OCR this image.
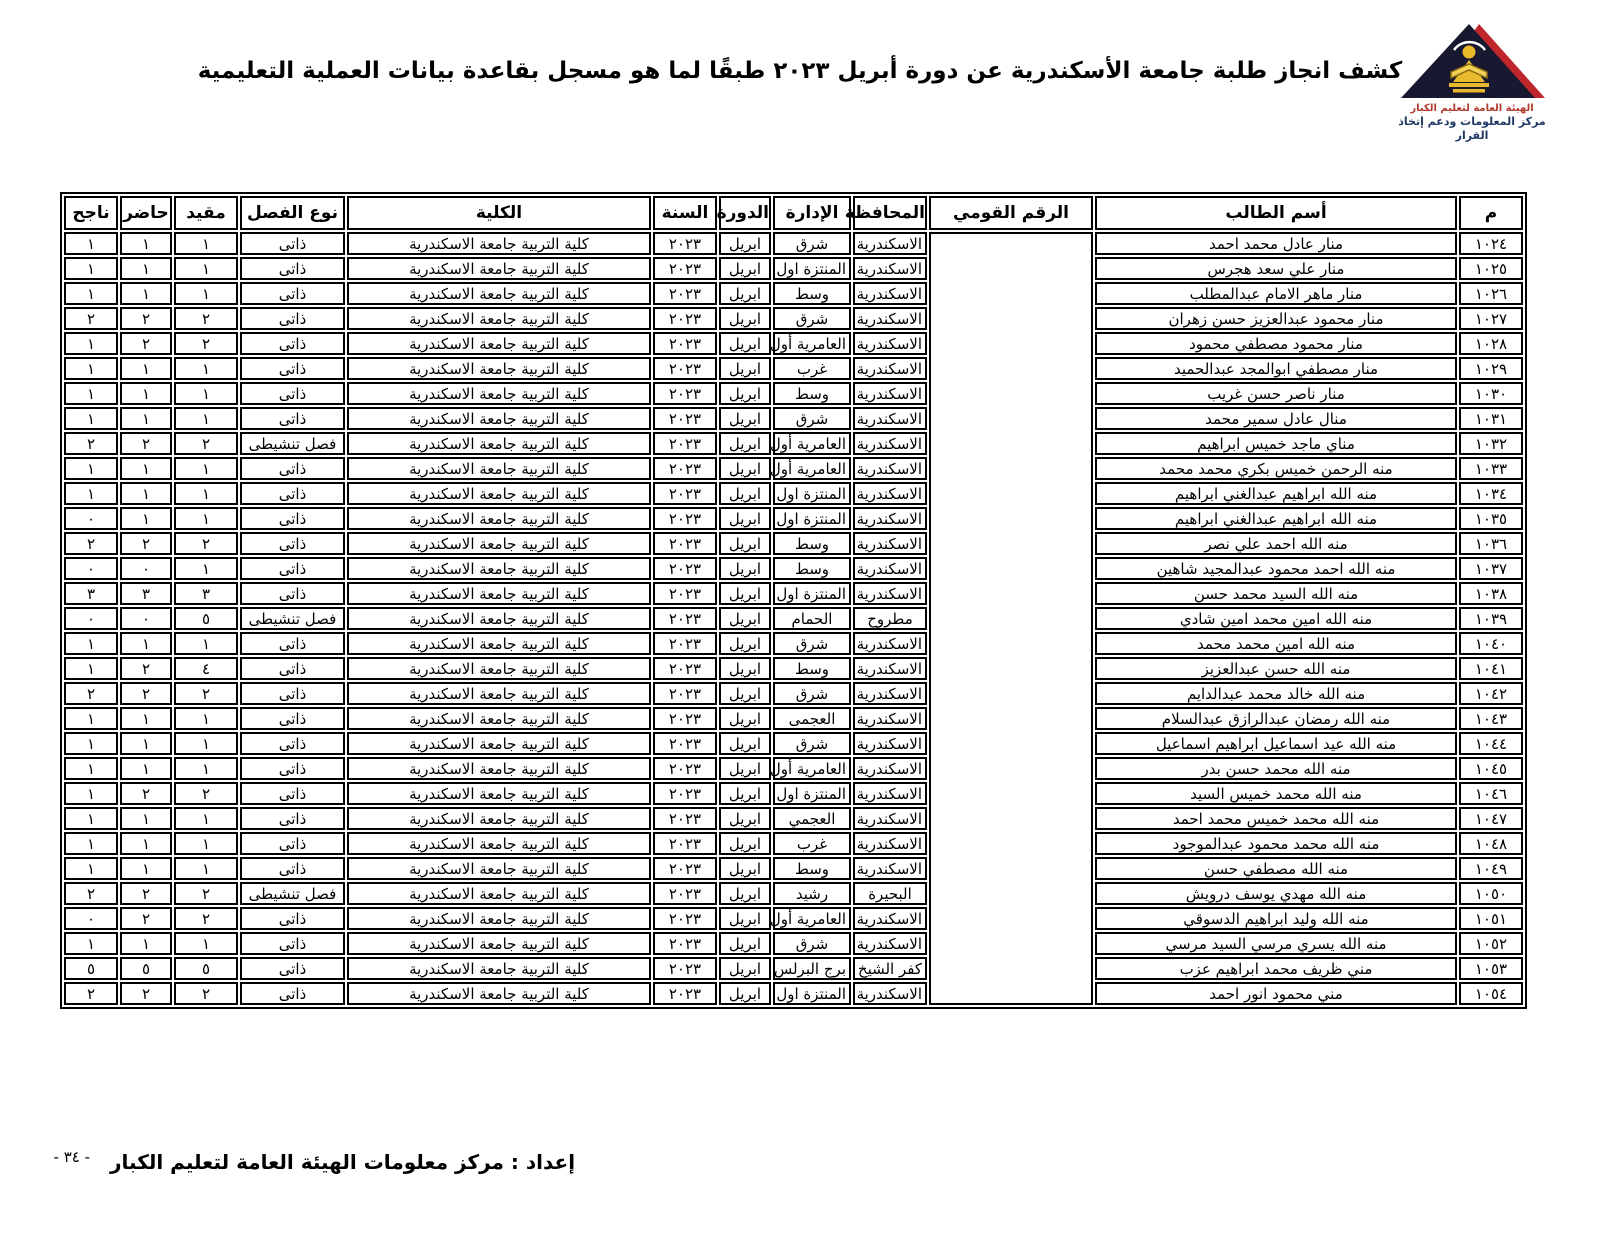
كشف انجاز طلبة جامعة الأسكندرية عن دورة أبريل ٢٠٢٣ طبقًا لما هو مسجل بقاعدة بيانات العملية التعليمية
الهيئة العامة لتعليم الكبار
مركز المعلومات ودعم إتخاذ القرار
م	أسم الطالب	الرقم القومي	المحافظة	الإدارة	الدورة	السنة	الكلية	نوع الفصل	مقيد	حاضر	ناجح
١٠٢٤	منار عادل محمد احمد		الاسكندرية	شرق	ابريل	٢٠٢٣	كلية التربية جامعة الاسكندرية	ذاتى	١	١	١
١٠٢٥	منار علي سعد هجرس		الاسكندرية	المنتزة اول	ابريل	٢٠٢٣	كلية التربية جامعة الاسكندرية	ذاتى	١	١	١
١٠٢٦	منار ماهر الامام عبدالمطلب		الاسكندرية	وسط	ابريل	٢٠٢٣	كلية التربية جامعة الاسكندرية	ذاتى	١	١	١
١٠٢٧	منار محمود عبدالعزيز حسن زهران		الاسكندرية	شرق	ابريل	٢٠٢٣	كلية التربية جامعة الاسكندرية	ذاتى	٢	٢	٢
١٠٢٨	منار محمود مصطفي محمود		الاسكندرية	العامرية أول	ابريل	٢٠٢٣	كلية التربية جامعة الاسكندرية	ذاتى	٢	٢	١
١٠٢٩	منار مصطفي ابوالمجد عبدالحميد		الاسكندرية	غرب	ابريل	٢٠٢٣	كلية التربية جامعة الاسكندرية	ذاتى	١	١	١
١٠٣٠	منار ناصر حسن غريب		الاسكندرية	وسط	ابريل	٢٠٢٣	كلية التربية جامعة الاسكندرية	ذاتى	١	١	١
١٠٣١	منال عادل سمير محمد		الاسكندرية	شرق	ابريل	٢٠٢٣	كلية التربية جامعة الاسكندرية	ذاتى	١	١	١
١٠٣٢	مناي ماجد خميس ابراهيم		الاسكندرية	العامرية أول	ابريل	٢٠٢٣	كلية التربية جامعة الاسكندرية	فصل تنشيطى	٢	٢	٢
١٠٣٣	منه الرحمن خميس بكري محمد محمد		الاسكندرية	العامرية أول	ابريل	٢٠٢٣	كلية التربية جامعة الاسكندرية	ذاتى	١	١	١
١٠٣٤	منه الله ابراهيم عبدالغني ابراهيم		الاسكندرية	المنتزة اول	ابريل	٢٠٢٣	كلية التربية جامعة الاسكندرية	ذاتى	١	١	١
١٠٣٥	منه الله ابراهيم عبدالغني ابراهيم		الاسكندرية	المنتزة اول	ابريل	٢٠٢٣	كلية التربية جامعة الاسكندرية	ذاتى	١	١	٠
١٠٣٦	منه الله احمد علي نصر		الاسكندرية	وسط	ابريل	٢٠٢٣	كلية التربية جامعة الاسكندرية	ذاتى	٢	٢	٢
١٠٣٧	منه الله احمد محمود عبدالمجيد شاهين		الاسكندرية	وسط	ابريل	٢٠٢٣	كلية التربية جامعة الاسكندرية	ذاتى	١	٠	٠
١٠٣٨	منه الله السيد محمد حسن		الاسكندرية	المنتزة اول	ابريل	٢٠٢٣	كلية التربية جامعة الاسكندرية	ذاتى	٣	٣	٣
١٠٣٩	منه الله امين محمد امين شادي		مطروح	الحمام	ابريل	٢٠٢٣	كلية التربية جامعة الاسكندرية	فصل تنشيطى	٥	٠	٠
١٠٤٠	منه الله امين محمد محمد		الاسكندرية	شرق	ابريل	٢٠٢٣	كلية التربية جامعة الاسكندرية	ذاتى	١	١	١
١٠٤١	منه الله حسن عبدالعزيز		الاسكندرية	وسط	ابريل	٢٠٢٣	كلية التربية جامعة الاسكندرية	ذاتى	٤	٢	١
١٠٤٢	منه الله خالد محمد عبدالدايم		الاسكندرية	شرق	ابريل	٢٠٢٣	كلية التربية جامعة الاسكندرية	ذاتى	٢	٢	٢
١٠٤٣	منه الله رمضان عبدالرازق عبدالسلام		الاسكندرية	العجمى	ابريل	٢٠٢٣	كلية التربية جامعة الاسكندرية	ذاتى	١	١	١
١٠٤٤	منه الله عيد اسماعيل ابراهيم اسماعيل		الاسكندرية	شرق	ابريل	٢٠٢٣	كلية التربية جامعة الاسكندرية	ذاتى	١	١	١
١٠٤٥	منه الله محمد حسن بدر		الاسكندرية	العامرية أول	ابريل	٢٠٢٣	كلية التربية جامعة الاسكندرية	ذاتى	١	١	١
١٠٤٦	منه الله محمد خميس السيد		الاسكندرية	المنتزة اول	ابريل	٢٠٢٣	كلية التربية جامعة الاسكندرية	ذاتى	٢	٢	١
١٠٤٧	منه الله محمد خميس محمد احمد		الاسكندرية	العجمي	ابريل	٢٠٢٣	كلية التربية جامعة الاسكندرية	ذاتى	١	١	١
١٠٤٨	منه الله محمد محمود عبدالموجود		الاسكندرية	غرب	ابريل	٢٠٢٣	كلية التربية جامعة الاسكندرية	ذاتى	١	١	١
١٠٤٩	منه الله مصطفي حسن		الاسكندرية	وسط	ابريل	٢٠٢٣	كلية التربية جامعة الاسكندرية	ذاتى	١	١	١
١٠٥٠	منه الله مهدي يوسف درويش		البحيرة	رشيد	ابريل	٢٠٢٣	كلية التربية جامعة الاسكندرية	فصل تنشيطى	٢	٢	٢
١٠٥١	منه الله وليد ابراهيم الدسوقي		الاسكندرية	العامرية أول	ابريل	٢٠٢٣	كلية التربية جامعة الاسكندرية	ذاتى	٢	٢	٠
١٠٥٢	منه الله يسري مرسي السيد مرسي		الاسكندرية	شرق	ابريل	٢٠٢٣	كلية التربية جامعة الاسكندرية	ذاتى	١	١	١
١٠٥٣	مني ظريف محمد ابراهيم عزب		كفر الشيخ	برج البرلس	ابريل	٢٠٢٣	كلية التربية جامعة الاسكندرية	ذاتى	٥	٥	٥
١٠٥٤	مني محمود انور احمد		الاسكندرية	المنتزة اول	ابريل	٢٠٢٣	كلية التربية جامعة الاسكندرية	ذاتى	٢	٢	٢
إعداد : مركز معلومات الهيئة العامة لتعليم الكبار
- ٣٤ -
